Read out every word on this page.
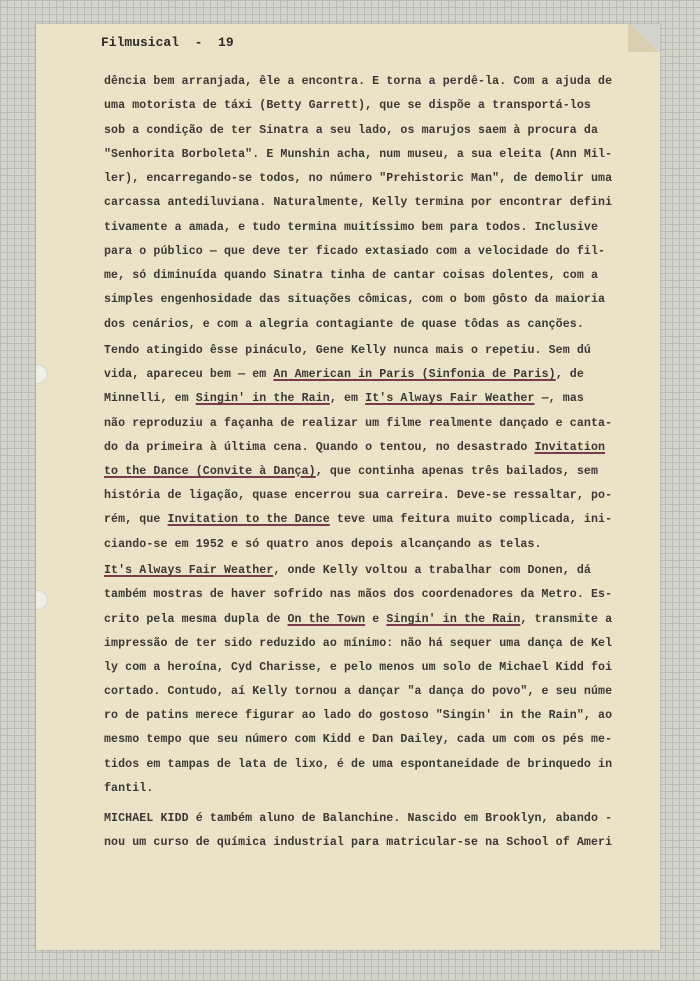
Filmusical  -  19
dência bem arranjada, êle a encontra. E torna a perdê-la. Com a ajuda de
uma motorista de táxi (Betty Garrett), que se dispõe a transportá-los
sob a condição de ter Sinatra a seu lado, os marujos saem à procura da
"Senhorita Borboleta". E Munshin acha, num museu, a sua eleita (Ann Mil-
ler), encarregando-se todos, no número "Prehistoric Man", de demolir uma
carcassa antediluviana. Naturalmente, Kelly termina por encontrar defini
tivamente a amada, e tudo termina muitíssimo bem para todos. Inclusive
para o público — que deve ter ficado extasiado com a velocidade do fil-
me, só diminuída quando Sinatra tinha de cantar coisas dolentes, com a
simples engenhosidade das situações cômicas, com o bom gôsto da maioria
dos cenários, e com a alegria contagiante de quase tôdas as canções.
Tendo atingido êsse pináculo, Gene Kelly nunca mais o repetiu. Sem dú
vida, apareceu bem — em An American in Paris (Sinfonia de Paris), de
Minnelli, em Singin' in the Rain, em It's Always Fair Weather —, mas
não reproduziu a façanha de realizar um filme realmente dançado e canta-
do da primeira à última cena. Quando o tentou, no desastrado Invitation
to the Dance (Convite à Dança), que continha apenas três bailados, sem
história de ligação, quase encerrou sua carreira. Deve-se ressaltar, po-
rém, que Invitation to the Dance teve uma feitura muito complicada, ini-
ciando-se em 1952 e só quatro anos depois alcançando as telas.
It's Always Fair Weather, onde Kelly voltou a trabalhar com Donen, dá
também mostras de haver sofrido nas mãos dos coordenadores da Metro. Es-
crito pela mesma dupla de On the Town e Singin' in the Rain, transmite a
impressão de ter sido reduzido ao mínimo: não há sequer uma dança de Kel
ly com a heroína, Cyd Charisse, e pelo menos um solo de Michael Kidd foi
cortado. Contudo, aí Kelly tornou a dançar "a dança do povo", e seu núme
ro de patins merece figurar ao lado do gostoso "Singin' in the Rain", ao
mesmo tempo que seu número com Kidd e Dan Dailey, cada um com os pés me-
tidos em tampas de lata de lixo, é de uma espontaneidade de brinquedo in
fantil.
MICHAEL KIDD é também aluno de Balanchine. Nascido em Brooklyn, abando -
nou um curso de química industrial para matricular-se na School of Ameri
